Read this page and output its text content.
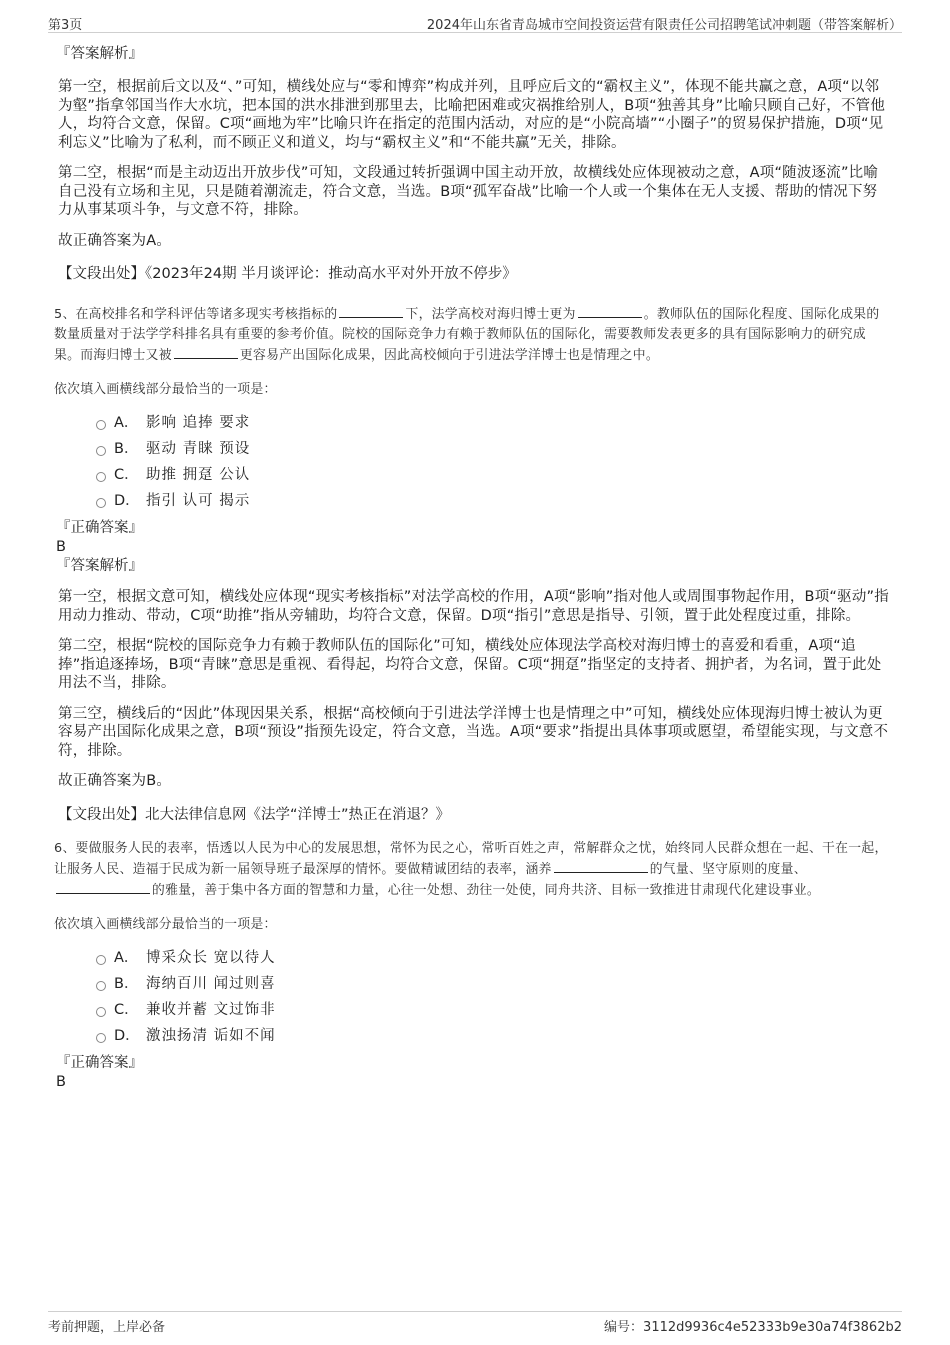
第3页	2024年山东省青岛城市空间投资运营有限责任公司招聘笔试冲刺题（带答案解析）
『答案解析』

第一空，根据前后文以及“、”可知，横线处应与“零和博弈”构成并列，且呼应后文的“霸权主义”，体现不能共赢之意，A项“以邻为壑”指拿邻国当作大水坑，把本国的洪水排泄到那里去，比喻把困难或灾祸推给别人，B项“独善其身”比喻只顾自己好，不管他人，均符合文意，保留。C项“画地为牢”比喻只许在指定的范围内活动，对应的是“小院高墙”“小圈子”的贸易保护措施，D项“见利忘义”比喻为了私利，而不顾正义和道义，均与“霸权主义”和“不能共赢”无关，排除。

第二空，根据“而是主动迈出开放步伐”可知，文段通过转折强调中国主动开放，故横线处应体现被动之意，A项“随波逐流”比喻自己没有立场和主见，只是随着潮流走，符合文意，当选。B项“孤军奋战”比喻一个人或一个集体在无人支援、帮助的情况下努力从事某项斗争，与文意不符，排除。

故正确答案为A。

【文段出处】《2023年24期 半月谈评论：推动高水平对外开放不停步》

5、在高校排名和学科评估等诸多现实考核指标的	下，法学高校对海归博士更为	。教师队伍的国际化程度、国际化成果的数量质量对于法学学科排名具有重要的参考价值。院校的国际竞争力有赖于教师队伍的国际化，需要教师发表更多的具有国际影响力的研究成果。而海归博士又被	更容易产出国际化成果，因此高校倾向于引进法学洋博士也是情理之中。

依次填入画横线部分最恰当的一项是：

A． 影响 追捧 要求
B． 驱动 青睐 预设
C． 助推 拥趸 公认
D． 指引 认可 揭示
『正确答案』
B
『答案解析』

第一空，根据文意可知，横线处应体现“现实考核指标”对法学高校的作用，A项“影响”指对他人或周围事物起作用，B项“驱动”指用动力推动、带动，C项“助推”指从旁辅助，均符合文意，保留。D项“指引”意思是指导、引领，置于此处程度过重，排除。

第二空，根据“院校的国际竞争力有赖于教师队伍的国际化”可知，横线处应体现法学高校对海归博士的喜爱和看重，A项“追捧”指追逐捧场，B项“青睐”意思是重视、看得起，均符合文意，保留。C项“拥趸”指坚定的支持者、拥护者，为名词，置于此处用法不当，排除。

第三空，横线后的“因此”体现因果关系，根据“高校倾向于引进法学洋博士也是情理之中”可知，横线处应体现海归博士被认为更容易产出国际化成果之意，B项“预设”指预先设定，符合文意，当选。A项“要求”指提出具体事项或愿望，希望能实现，与文意不符，排除。

故正确答案为B。

【文段出处】北大法律信息网《法学“洋博士”热正在消退？》

6、要做服务人民的表率，悟透以人民为中心的发展思想，常怀为民之心，常听百姓之声，常解群众之忧，始终同人民群众想在一起、干在一起，让服务人民、造福于民成为新一届领导班子最深厚的情怀。要做精诚团结的表率，涵养	的气量、坚守原则的度量、的雅量，善于集中各方面的智慧和力量，心往一处想、劲往一处使，同舟共济、目标一致推进甘肃现代化建设事业。

依次填入画横线部分最恰当的一项是：

A． 博采众长 宽以待人
B． 海纳百川 闻过则喜
C． 兼收并蓄 文过饰非
D． 激浊扬清 诟如不闻
『正确答案』
B
考前押题，上岸必备	编号：3112d9936c4e52333b9e30a74f3862b2
